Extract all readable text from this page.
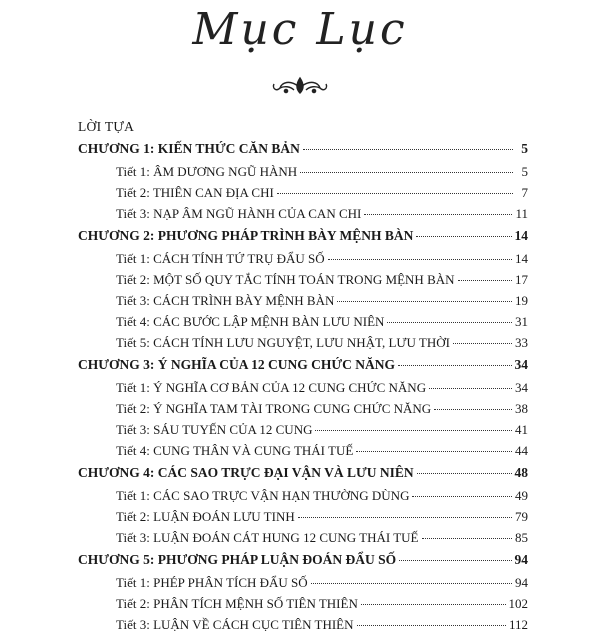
Mục Lục
LỜI TỰA
CHƯƠNG 1: KIẾN THỨC CĂN BẢN	5
Tiết 1: ÂM DƯƠNG NGŨ HÀNH	5
Tiết 2: THIÊN CAN ĐỊA CHI	7
Tiết 3: NẠP ÂM NGŨ HÀNH CỦA CAN CHI	11
CHƯƠNG 2: PHƯƠNG PHÁP TRÌNH BÀY MỆNH BÀN	14
Tiết 1: CÁCH TÍNH TỨ TRỤ ĐẨU SỐ	14
Tiết 2: MỘT SỐ QUY TẮC TÍNH TOÁN TRONG MỆNH BÀN	17
Tiết 3: CÁCH TRÌNH BÀY MỆNH BÀN	19
Tiết 4: CÁC BƯỚC LẬP MỆNH BÀN LƯU NIÊN	31
Tiết 5: CÁCH TÍNH LƯU NGUYỆT, LƯU NHẬT, LƯU THỜI	33
CHƯƠNG 3: Ý NGHĨA CỦA 12 CUNG CHỨC NĂNG	34
Tiết 1: Ý NGHĨA CƠ BẢN CỦA 12 CUNG CHỨC NĂNG	34
Tiết 2: Ý NGHĨA TAM TÀI TRONG CUNG CHỨC NĂNG	38
Tiết 3: SÁU TUYẾN CỦA 12 CUNG	41
Tiết 4: CUNG THÂN VÀ CUNG THÁI TUẾ	44
CHƯƠNG 4: CÁC SAO TRỰC ĐẠI VẬN VÀ LƯU NIÊN	48
Tiết 1: CÁC SAO TRỰC VẬN HẠN THƯỜNG DÙNG	49
Tiết 2: LUẬN ĐOÁN LƯU TINH	79
Tiết 3: LUẬN ĐOÁN CÁT HUNG 12 CUNG THÁI TUẾ	85
CHƯƠNG 5: PHƯƠNG PHÁP LUẬN ĐOÁN ĐẨU SỐ	94
Tiết 1: PHÉP PHÂN TÍCH ĐẨU SỐ	94
Tiết 2: PHÂN TÍCH MỆNH SỐ TIÊN THIÊN	102
Tiết 3: LUẬN VỀ CÁCH CỤC TIÊN THIÊN	112
